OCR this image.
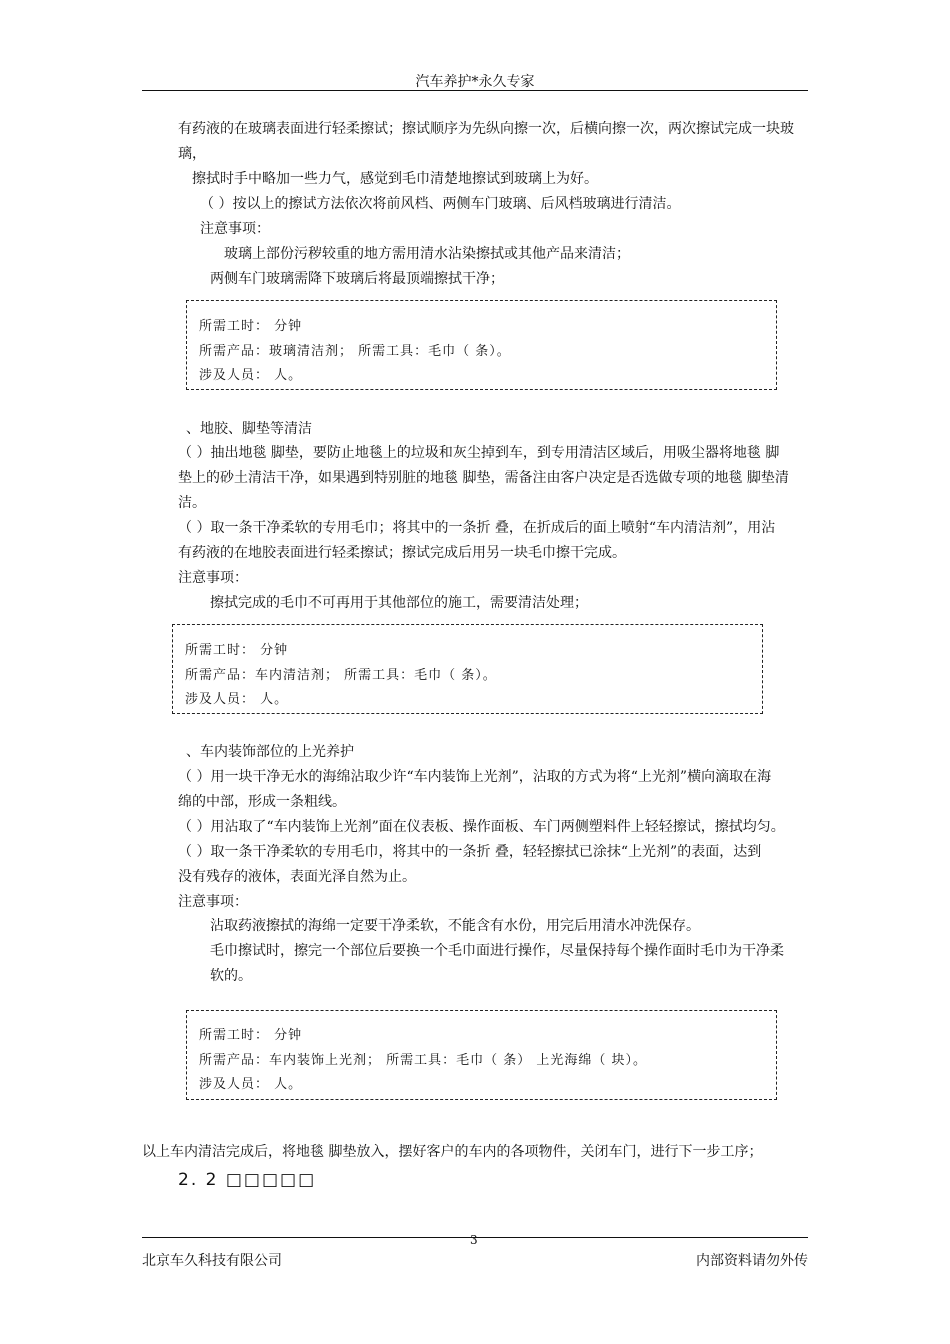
汽车养护*永久专家
有药液的在玻璃表面进行轻柔擦试；擦试顺序为先纵向擦一次，后横向擦一次，两次擦试完成一块玻
璃，
擦拭时手中略加一些力气，感觉到毛巾清楚地擦试到玻璃上为好。
（ ）按以上的擦试方法依次将前风档、两侧车门玻璃、后风档玻璃进行清洁。
注意事项：
玻璃上部份污秽较重的地方需用清水沾染擦拭或其他产品来清洁；
两侧车门玻璃需降下玻璃后将最顶端擦拭干净；
所需工时： 分钟
所需产品：玻璃清洁剂； 所需工具：毛巾（ 条）。
涉及人员： 人。
、地胶、脚垫等清洁
（ ）抽出地毯 脚垫，要防止地毯上的垃圾和灰尘掉到车，到专用清洁区域后，用吸尘器将地毯 脚
垫上的砂土清洁干净，如果遇到特别脏的地毯 脚垫，需备注由客户决定是否选做专项的地毯 脚垫清
洁。
（ ）取一条干净柔软的专用毛巾；将其中的一条折 叠，在折成后的面上喷射“车内清洁剂”，用沾
有药液的在地胶表面进行轻柔擦试；擦试完成后用另一块毛巾擦干完成。
注意事项：
擦拭完成的毛巾不可再用于其他部位的施工，需要清洁处理；
所需工时： 分钟
所需产品：车内清洁剂； 所需工具：毛巾（ 条）。
涉及人员： 人。
、车内装饰部位的上光养护
（ ）用一块干净无水的海绵沾取少许“车内装饰上光剂”，沾取的方式为将“上光剂”横向滴取在海
绵的中部，形成一条粗线。
（ ）用沾取了“车内装饰上光剂”面在仪表板、操作面板、车门两侧塑料件上轻轻擦试，擦拭均匀。
（ ）取一条干净柔软的专用毛巾，将其中的一条折 叠，轻轻擦拭已涂抹“上光剂”的表面，达到
没有残存的液体，表面光泽自然为止。
注意事项：
沾取药液擦拭的海绵一定要干净柔软，不能含有水份，用完后用清水冲洗保存。
毛巾擦试时，擦完一个部位后要换一个毛巾面进行操作，尽量保持每个操作面时毛巾为干净柔
软的。
所需工时： 分钟
所需产品：车内装饰上光剂； 所需工具：毛巾（ 条） 上光海绵（ 块）。
涉及人员： 人。
以上车内清洁完成后，将地毯 脚垫放入，摆好客户的车内的各项物件，关闭车门，进行下一步工序；
2. 2 □□□□□
3
北京车久科技有限公司	内部资料请勿外传
